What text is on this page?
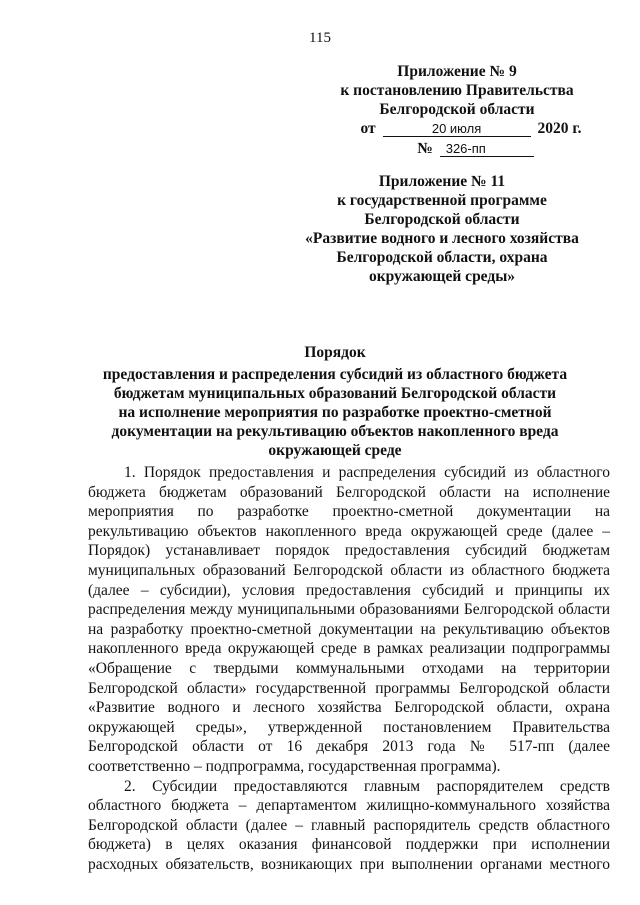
115
Приложение № 9
к постановлению Правительства
Белгородской области
от	20 июля	2020 г.
№ 326-пп
Приложение № 11
к государственной программе
Белгородской области
«Развитие водного и лесного хозяйства
Белгородской области, охрана
окружающей среды»
Порядок
предоставления и распределения субсидий из областного бюджета
бюджетам муниципальных образований Белгородской области
на исполнение мероприятия по разработке проектно-сметной
документации на рекультивацию объектов накопленного вреда
окружающей среде

1. Порядок предоставления и распределения субсидий из областного бюджета бюджетам образований Белгородской области на исполнение мероприятия по разработке проектно-сметной документации на рекультивацию объектов накопленного вреда окружающей среде (далее – Порядок) устанавливает порядок предоставления субсидий бюджетам муниципальных образований Белгородской области из областного бюджета (далее – субсидии), условия предоставления субсидий и принципы их распределения между муниципальными образованиями Белгородской области на разработку проектно-сметной документации на рекультивацию объектов накопленного вреда окружающей среде в рамках реализации подпрограммы «Обращение с твердыми коммунальными отходами на территории Белгородской области» государственной программы Белгородской области «Развитие водного и лесного хозяйства Белгородской области, охрана окружающей среды», утвержденной постановлением Правительства Белгородской области от 16 декабря 2013 года № 517-пп (далее соответственно – подпрограмма, государственная программа).

2. Субсидии предоставляются главным распорядителем средств областного бюджета – департаментом жилищно-коммунального хозяйства Белгородской области (далее – главный распорядитель средств областного бюджета) в целях оказания финансовой поддержки при исполнении расходных обязательств, возникающих при выполнении органами местного
